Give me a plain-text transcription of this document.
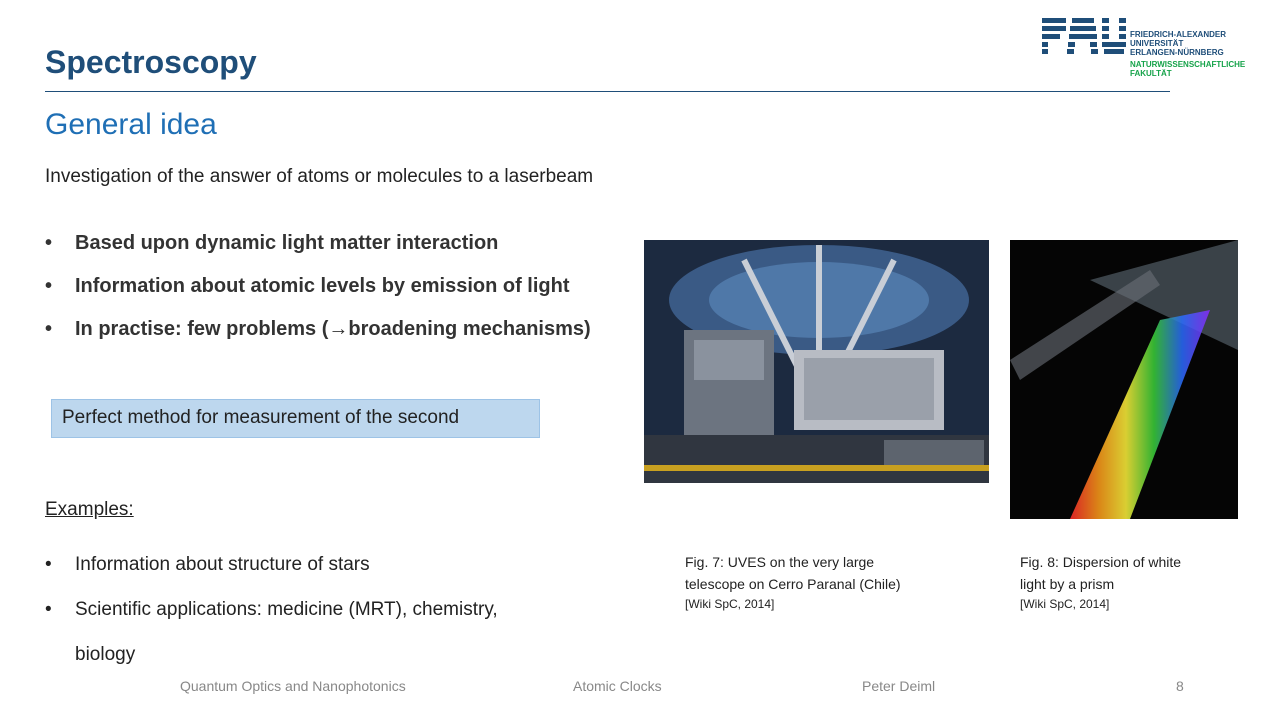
Spectroscopy
FRIEDRICH-ALEXANDER
UNIVERSITÄT
ERLANGEN-NÜRNBERG
NATURWISSENSCHAFTLICHE
FAKULTÄT
General idea
Investigation of the answer of atoms or molecules to a laserbeam
• Based upon dynamic light matter interaction
• Information about atomic levels by emission of light
• In practise: few problems (→broadening mechanisms)
Perfect method for measurement of the second
Examples:
• Information about structure of stars
• Scientific applications: medicine (MRT), chemistry, biology
Fig. 7: UVES on the very large telescope on Cerro Paranal (Chile)
[Wiki SpC, 2014]
Fig. 8: Dispersion of white light by a prism
[Wiki SpC, 2014]
Quantum Optics and Nanophotonics	Atomic Clocks	Peter Deiml	8
